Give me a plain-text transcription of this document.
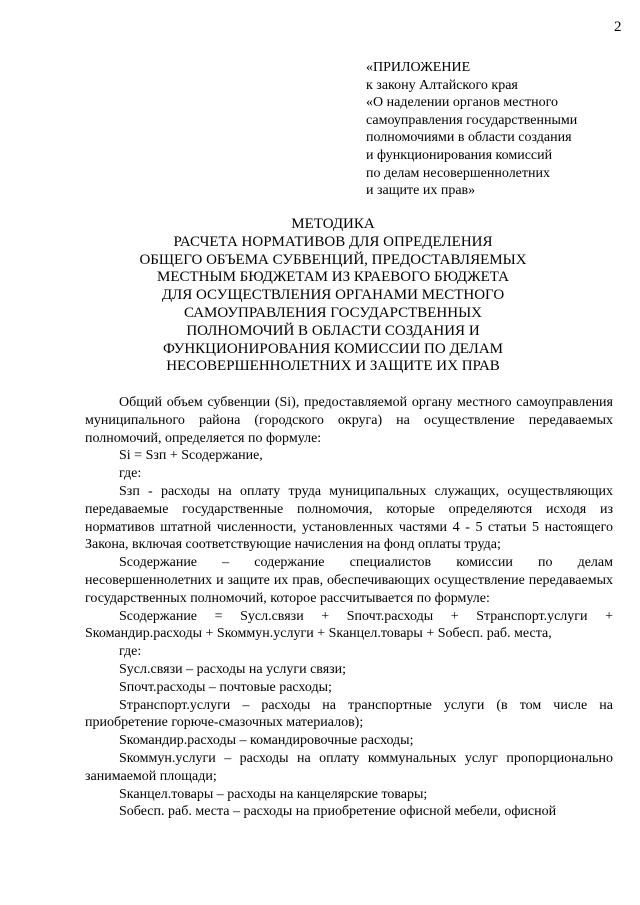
2
«ПРИЛОЖЕНИЕ
к закону Алтайского края
«О наделении органов местного
самоуправления государственными
полномочиями в области создания
и функционирования комиссий
по делам несовершеннолетних
и защите их прав»
МЕТОДИКА
РАСЧЕТА НОРМАТИВОВ ДЛЯ ОПРЕДЕЛЕНИЯ
ОБЩЕГО ОБЪЕМА СУБВЕНЦИЙ, ПРЕДОСТАВЛЯЕМЫХ
МЕСТНЫМ БЮДЖЕТАМ ИЗ КРАЕВОГО БЮДЖЕТА
ДЛЯ ОСУЩЕСТВЛЕНИЯ ОРГАНАМИ МЕСТНОГО
САМОУПРАВЛЕНИЯ ГОСУДАРСТВЕННЫХ
ПОЛНОМОЧИЙ В ОБЛАСТИ СОЗДАНИЯ И
ФУНКЦИОНИРОВАНИЯ КОМИССИИ ПО ДЕЛАМ
НЕСОВЕРШЕННОЛЕТНИХ И ЗАЩИТЕ ИХ ПРАВ

Общий объем субвенции (Si), предоставляемой органу местного самоуправления муниципального района (городского округа) на осуществление передаваемых полномочий, определяется по формуле:

Si = Sзп + Sсодержание,

где:

Sзп - расходы на оплату труда муниципальных служащих, осуществляющих передаваемые государственные полномочия, которые определяются исходя из нормативов штатной численности, установленных частями 4 - 5 статьи 5 настоящего Закона, включая соответствующие начисления на фонд оплаты труда;

Sсодержание – содержание специалистов комиссии по делам несовершеннолетних и защите их прав, обеспечивающих осуществление передаваемых государственных полномочий, которое рассчитывается по формуле:

Sсодержание = Sусл.связи + Sпочт.расходы + Sтранспорт.услуги + Sкомандир.расходы + Sкоммун.услуги + Sканцел.товары + Sобесп. раб. места,

где:

Sусл.связи – расходы на услуги связи;

Sпочт.расходы – почтовые расходы;

Sтранспорт.услуги – расходы на транспортные услуги (в том числе на приобретение горюче-смазочных материалов);

Sкомандир.расходы – командировочные расходы;

Sкоммун.услуги – расходы на оплату коммунальных услуг пропорционально занимаемой площади;

Sканцел.товары – расходы на канцелярские товары;

Sобесп. раб. места – расходы на приобретение офисной мебели, офисной
